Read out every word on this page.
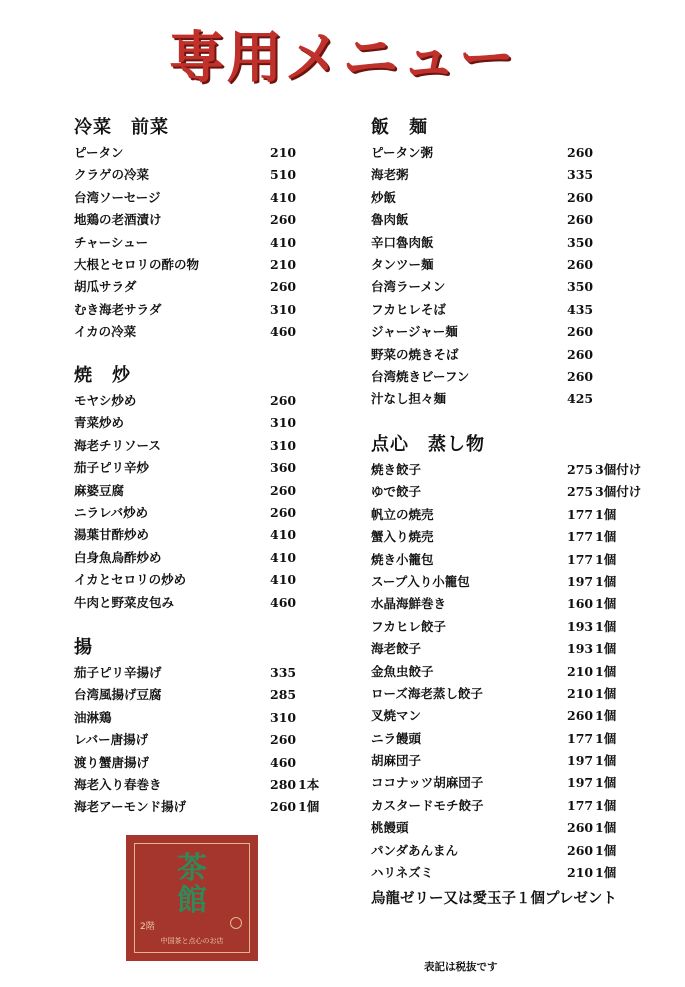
専用メニュー
冷菜　前菜
ピータン	210
クラゲの冷菜	510
台湾ソーセージ	410
地鶏の老酒漬け	260
チャーシュー	410
大根とセロリの酢の物	210
胡瓜サラダ	260
むき海老サラダ	310
イカの冷菜	460
焼　炒
モヤシ炒め	260
青菜炒め	310
海老チリソース	310
茄子ピリ辛炒	360
麻婆豆腐	260
ニラレバ炒め	260
湯葉甘酢炒め	410
白身魚烏酢炒め	410
イカとセロリの炒め	410
牛肉と野菜皮包み	460
揚
茄子ピリ辛揚げ	335
台湾風揚げ豆腐	285
油淋鶏	310
レバー唐揚げ	260
渡り蟹唐揚げ	460
海老入り春巻き	280 1本
海老アーモンド揚げ	260 1個
飯　麺
ピータン粥	260
海老粥	335
炒飯	260
魯肉飯	260
辛口魯肉飯	350
タンツー麺	260
台湾ラーメン	350
フカヒレそば	435
ジャージャー麺	260
野菜の焼きそば	260
台湾焼きビーフン	260
汁なし担々麺	425
点心　蒸し物
焼き餃子	275 3個付け
ゆで餃子	275 3個付け
帆立の焼売	177 1個
蟹入り焼売	177 1個
焼き小籠包	177 1個
スープ入り小籠包	197 1個
水晶海鮮巻き	160 1個
フカヒレ餃子	193 1個
海老餃子	193 1個
金魚虫餃子	210 1個
ローズ海老蒸し餃子	210 1個
叉焼マン	260 1個
ニラ饅頭	177 1個
胡麻団子	197 1個
ココナッツ胡麻団子	197 1個
カスタードモチ餃子	177 1個
桃饅頭	260 1個
パンダあんまん	260 1個
ハリネズミ	210 1個
茶
館
2階
中国茶と点心のお店
烏龍ゼリー又は愛玉子１個プレゼント
表記は税抜です
